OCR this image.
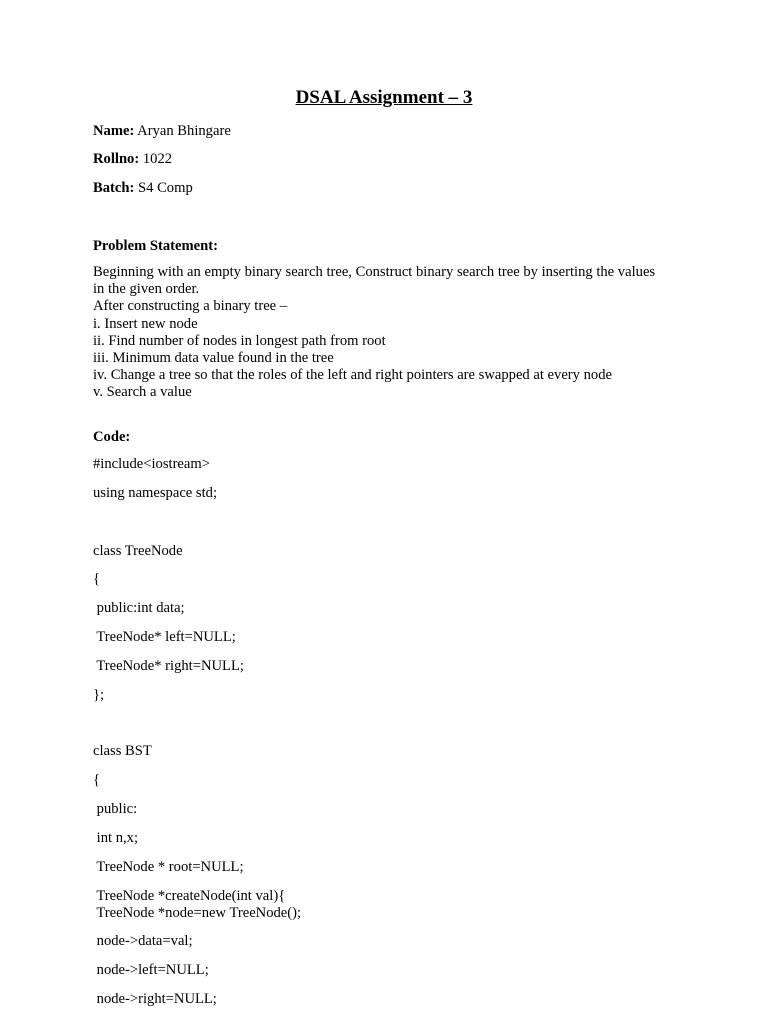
DSAL Assignment – 3
Name: Aryan Bhingare
Rollno: 1022
Batch: S4 Comp
Problem Statement:
Beginning with an empty binary search tree, Construct binary search tree by inserting the values
in the given order.
After constructing a binary tree –
i. Insert new node
ii. Find number of nodes in longest path from root
iii. Minimum data value found in the tree
iv. Change a tree so that the roles of the left and right pointers are swapped at every node
v. Search a value
Code:
#include<iostream>
using namespace std;
class TreeNode
{
public:int data;
TreeNode* left=NULL;
TreeNode* right=NULL;
};
class BST
{
public:
int n,x;
TreeNode * root=NULL;
TreeNode *createNode(int val){
TreeNode *node=new TreeNode();
node->data=val;
node->left=NULL;
node->right=NULL;
